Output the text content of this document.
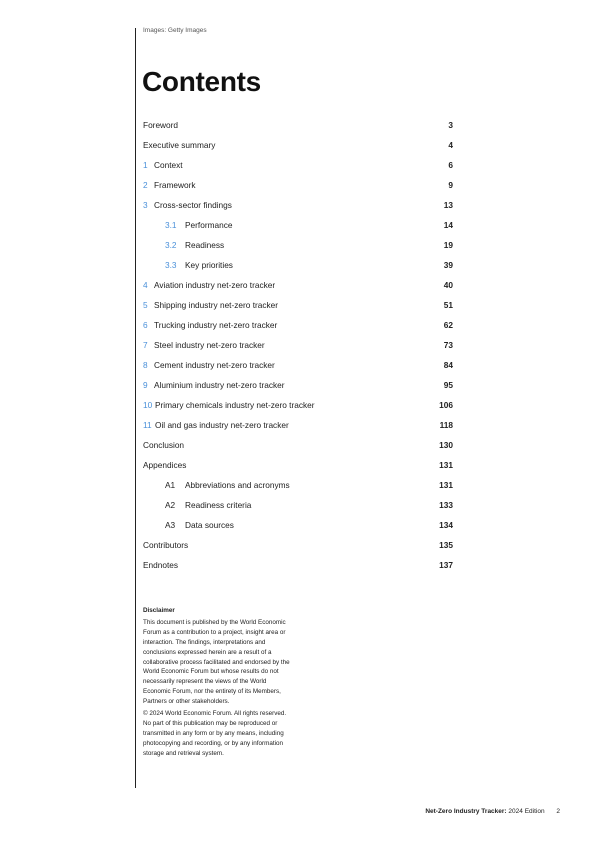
Images: Getty Images
Contents
Foreword	3
Executive summary	4
1 Context	6
2 Framework	9
3 Cross-sector findings	13
3.1 Performance	14
3.2 Readiness	19
3.3 Key priorities	39
4 Aviation industry net-zero tracker	40
5 Shipping industry net-zero tracker	51
6 Trucking industry net-zero tracker	62
7 Steel industry net-zero tracker	73
8 Cement industry net-zero tracker	84
9 Aluminium industry net-zero tracker	95
10 Primary chemicals industry net-zero tracker	106
11 Oil and gas industry net-zero tracker	118
Conclusion	130
Appendices	131
A1 Abbreviations and acronyms	131
A2 Readiness criteria	133
A3 Data sources	134
Contributors	135
Endnotes	137

Disclaimer

This document is published by the World Economic Forum as a contribution to a project, insight area or interaction. The findings, interpretations and conclusions expressed herein are a result of a collaborative process facilitated and endorsed by the World Economic Forum but whose results do not necessarily represent the views of the World Economic Forum, nor the entirety of its Members, Partners or other stakeholders.

© 2024 World Economic Forum. All rights reserved. No part of this publication may be reproduced or transmitted in any form or by any means, including photocopying and recording, or by any information storage and retrieval system.

Net-Zero Industry Tracker: 2024 Edition 2
